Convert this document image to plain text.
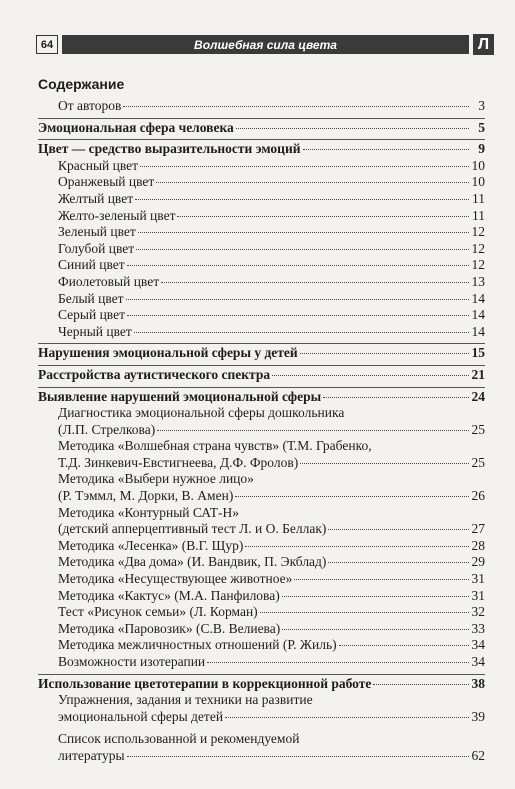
64	Волшебная сила цвета	Л
Содержание
От авторов	3
Эмоциональная сфера человека	5
Цвет — средство выразительности эмоций	9
Красный цвет	10
Оранжевый цвет	10
Желтый цвет	11
Желто-зеленый цвет	11
Зеленый цвет	12
Голубой цвет	12
Синий цвет	12
Фиолетовый цвет	13
Белый цвет	14
Серый цвет	14
Черный цвет	14
Нарушения эмоциональной сферы у детей	15
Расстройства аутистического спектра	21
Выявление нарушений эмоциональной сферы	24
Диагностика эмоциональной сферы дошкольника
(Л.П. Стрелкова)	25
Методика «Волшебная страна чувств» (Т.М. Грабенко,
Т.Д. Зинкевич-Евстигнеева, Д.Ф. Фролов)	25
Методика «Выбери нужное лицо»
(Р. Тэммл, М. Дорки, В. Амен)	26
Методика «Контурный САТ-Н»
(детский апперцептивный тест Л. и О. Беллак)	27
Методика «Лесенка» (В.Г. Щур)	28
Методика «Два дома» (И. Вандвик, П. Экблад)	29
Методика «Несуществующее животное»	31
Методика «Кактус» (М.А. Панфилова)	31
Тест «Рисунок семьи» (Л. Корман)	32
Методика «Паровозик» (С.В. Велиева)	33
Методика межличностных отношений (Р. Жиль)	34
Возможности изотерапии	34
Использование цветотерапии в коррекционной работе	38
Упражнения, задания и техники на развитие
эмоциональной сферы детей	39
Список использованной и рекомендуемой
литературы	62
